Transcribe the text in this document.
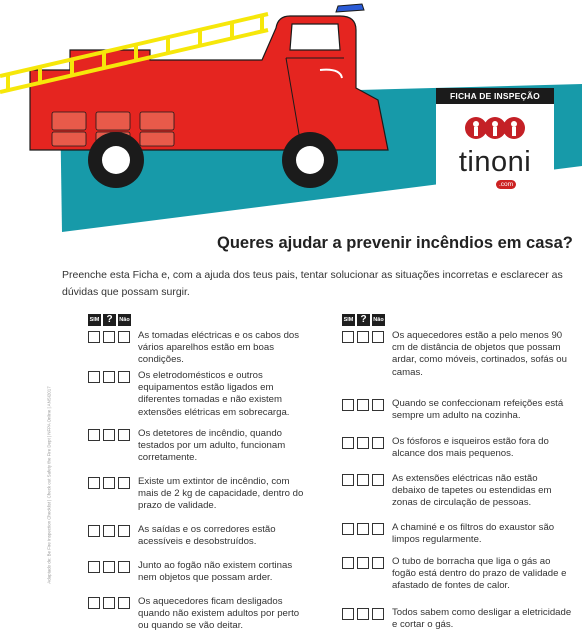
FICHA DE INSPEÇÃO
tinoni
.com
Queres ajudar a prevenir incêndios em casa?
Preenche esta Ficha e, com a ajuda dos teus pais, tentar solucionar as situações incorretas e esclarecer as dúvidas que possam surgir.
Adaptado de: Be Fire Inspection Checklist | Check out Safety the Fire Dept | NFPA Online | ANSI2017
SIM ?	Não
As tomadas eléctricas e os cabos dos vários aparelhos estão em boas condições.
Os eletrodomésticos e outros equipamentos estão ligados em diferentes tomadas e não existem extensões elétricas em sobrecarga.
Os detetores de incêndio, quando testados por um adulto, funcionam corretamente.
Existe um extintor de incêndio, com mais de 2 kg de capacidade, dentro do prazo de validade.
As saídas e os corredores estão acessíveis e desobstruídos.
Junto ao fogão não existem cortinas nem objetos que possam arder.
Os aquecedores ficam desligados quando não existem adultos por perto ou quando se vão deitar.
SIM ?	Não
Os aquecedores estão a pelo menos 90 cm de distância de objetos que possam ardar, como móveis, cortinados, sofás ou camas.
Quando se confeccionam refeições está sempre um adulto na cozinha.
Os fósforos e isqueiros estão fora do alcance dos mais pequenos.
As extensões eléctricas não estão debaixo de tapetes ou estendidas em zonas de circulação de pessoas.
A chaminé e os filtros do exaustor são limpos regularmente.
O tubo de borracha que liga o gás ao fogão está dentro do prazo de validade e afastado de fontes de calor.
Todos sabem como desligar a eletricidade e cortar o gás.
